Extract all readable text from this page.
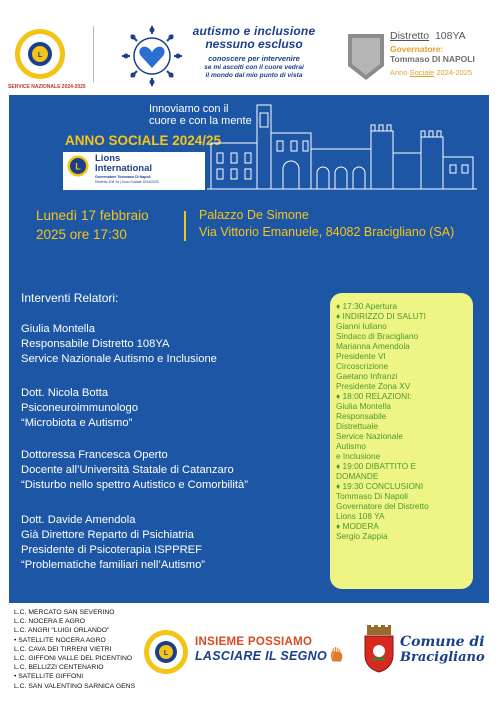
L
SERVICE NAZIONALE 2024-2025
autismo e inclusione
nessuno escluso
conoscere per intervenire
se mi ascolti con il cuore vedrai
il mondo dal mio punto di vista
Distretto 108YA
Governatore:
Tommaso DI NAPOLI
Anno Sociale 2024-2025
Innoviamo con il
cuore e con la mente
ANNO SOCIALE 2024/25
L
Lions
International
Governatore Tommaso Di Napoli
Distretto 108 Ya | Anno Sociale 2024/2025
Lunedì 17 febbraio
2025 ore 17:30
Palazzo De Simone
Via Vittorio Emanuele, 84082 Bracigliano (SA)
Interventi Relatori:
Giulia Montella
Responsabile Distretto 108YA
Service Nazionale Autismo e Inclusione
Dott. Nicola Botta
Psiconeuroimmunologo
“Microbiota e Autismo”
Dottoressa Francesca Operto
Docente all’Università Statale di Catanzaro
“Disturbo nello spettro Autistico e Comorbilità”
Dott. Davide Amendola
Già Direttore Reparto di Psichiatria
Presidente di Psicoterapia ISPPREF
“Problematiche familiari nell’Autismo”
♦ 17:30 Apertura
♦ INDIRIZZO DI SALUTI
Gianni Iuliano
Sindaco di Bracigliano
Marianna Amendola
Presidente VI
Circoscrizione
Gaetano Infranzi
Presidente Zona XV
♦ 18:00 RELAZIONI:
Giulia Montella
Responsabile
Distrettuale
Service Nazionale
Autismo
e Inclusione
♦ 19:00 DIBATTITO E
DOMANDE
♦ 19:30 CONCLUSIONI
Tommaso Di Napoli
Governatore del Distretto
Lions 108 YA
♦ MODERA
Sergio Zappia
L.C. MERCATO SAN SEVERINO
L.C. NOCERA E AGRO
L.C. ANGRI "LUIGI ORLANDO"
• SATELLITE NOCERA AGRO
L.C. CAVA DEI TIRRENI VIETRI
L.C. GIFFONI VALLE DEL PICENTINO
L.C. BELLIZZI CENTENARIO
• SATELLITE GIFFONI
L.C. SAN VALENTINO SARNICA GENS
L
INSIEME POSSIAMO
LASCIARE IL SEGNO
Comune di
Bracigliano
